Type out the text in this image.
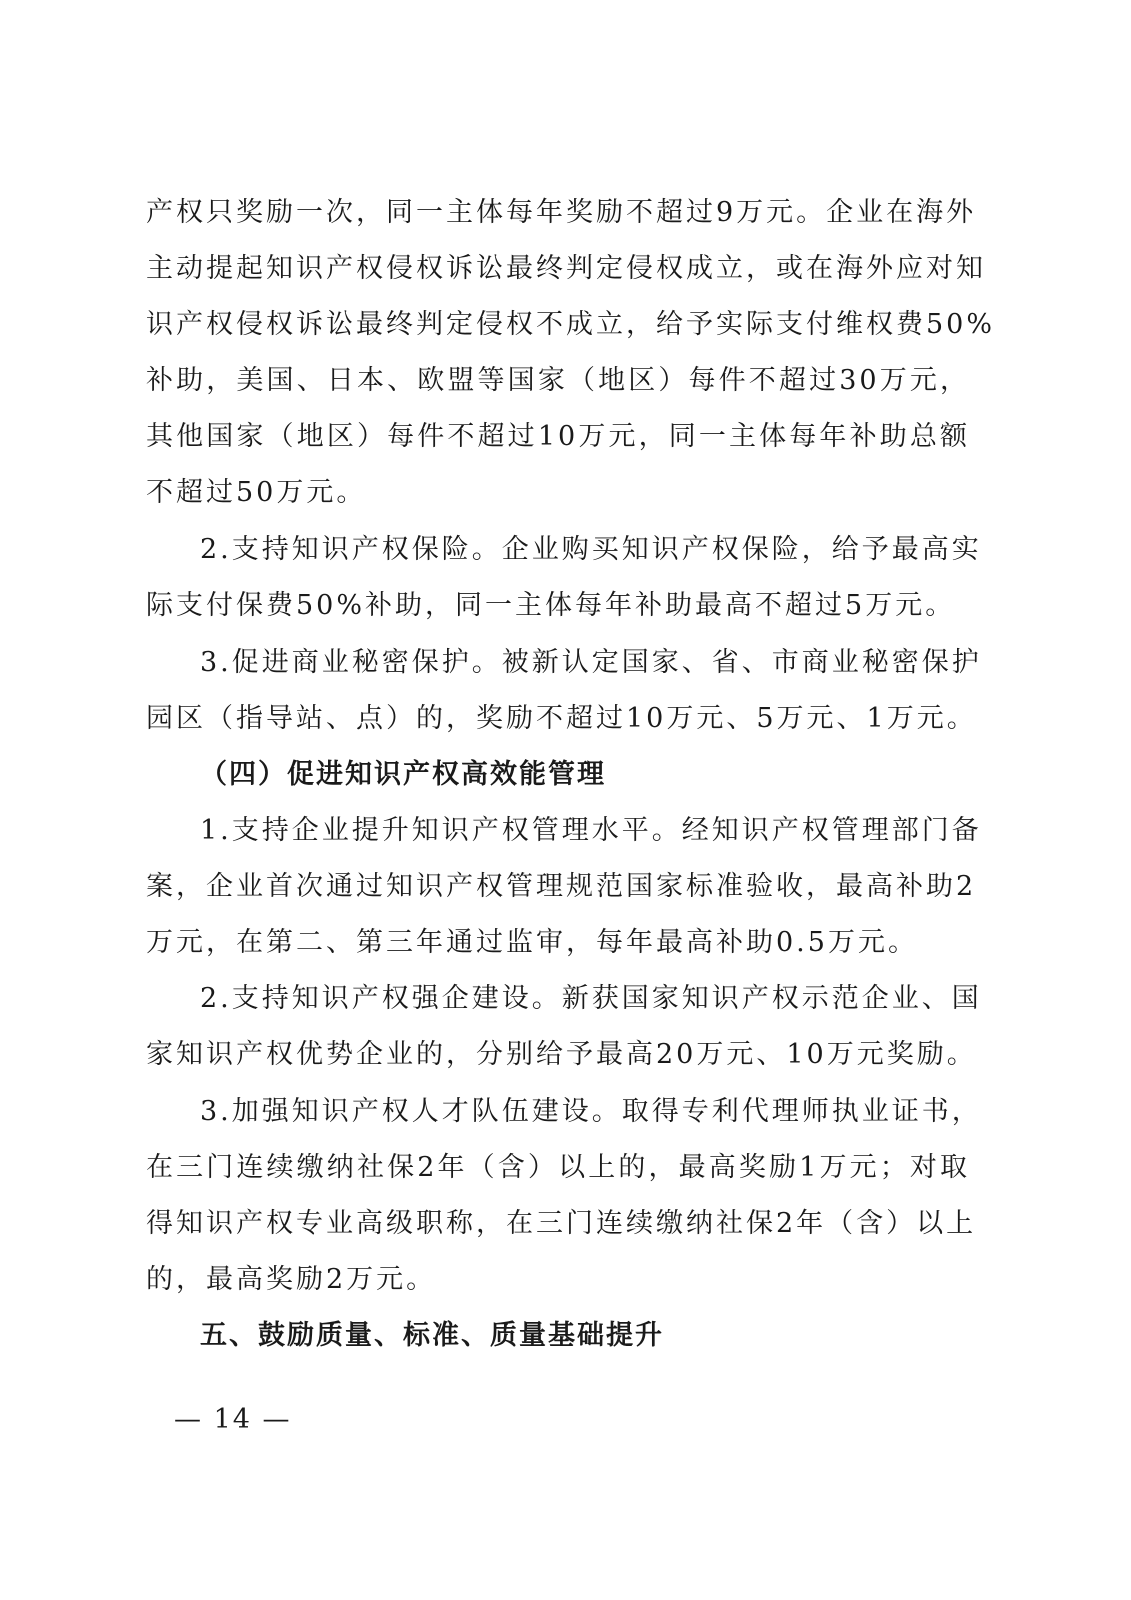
产权只奖励一次，同一主体每年奖励不超过9万元。企业在海外
主动提起知识产权侵权诉讼最终判定侵权成立，或在海外应对知
识产权侵权诉讼最终判定侵权不成立，给予实际支付维权费50%
补助，美国、日本、欧盟等国家（地区）每件不超过30万元，
其他国家（地区）每件不超过10万元，同一主体每年补助总额
不超过50万元。
2.支持知识产权保险。企业购买知识产权保险，给予最高实
际支付保费50%补助，同一主体每年补助最高不超过5万元。
3.促进商业秘密保护。被新认定国家、省、市商业秘密保护
园区（指导站、点）的，奖励不超过10万元、5万元、1万元。
（四）促进知识产权高效能管理
1.支持企业提升知识产权管理水平。经知识产权管理部门备
案，企业首次通过知识产权管理规范国家标准验收，最高补助2
万元，在第二、第三年通过监审，每年最高补助0.5万元。
2.支持知识产权强企建设。新获国家知识产权示范企业、国
家知识产权优势企业的，分别给予最高20万元、10万元奖励。
3.加强知识产权人才队伍建设。取得专利代理师执业证书，
在三门连续缴纳社保2年（含）以上的，最高奖励1万元；对取
得知识产权专业高级职称，在三门连续缴纳社保2年（含）以上
的，最高奖励2万元。
五、鼓励质量、标准、质量基础提升
— 14 —
